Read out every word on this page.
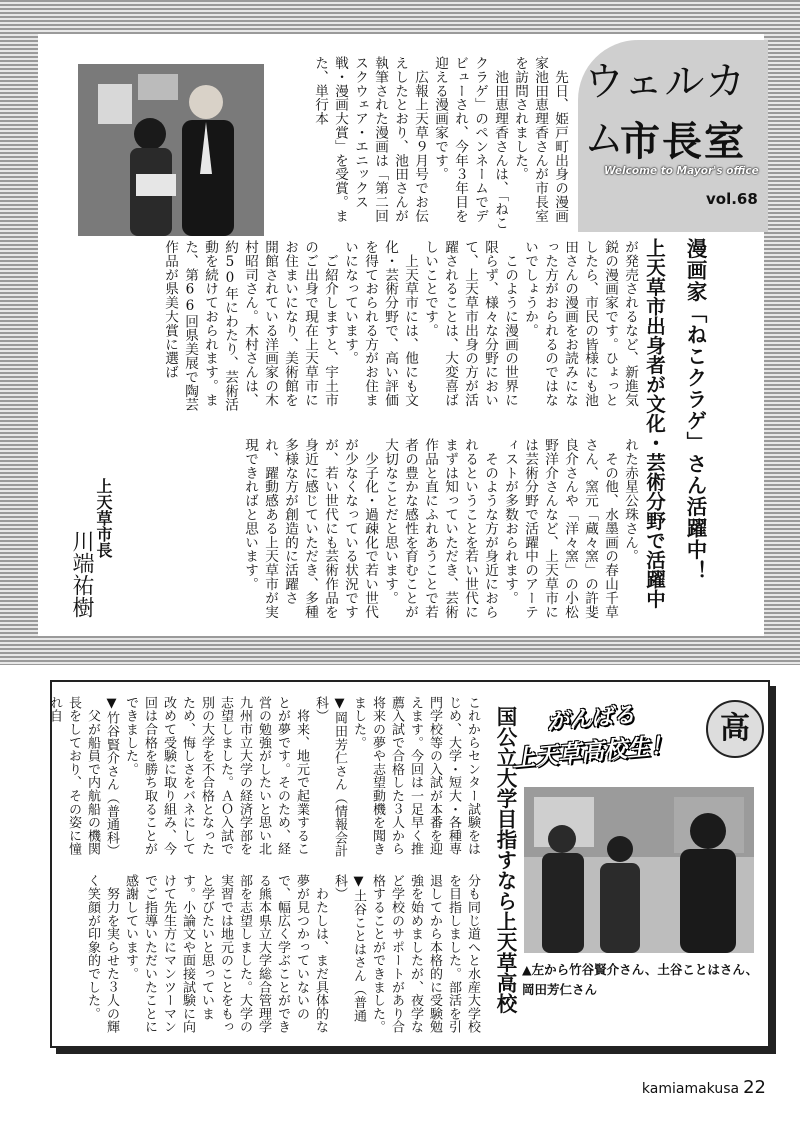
ウェルカム
市長室
Welcome to Mayor's office
vol.68
　先日、姫戸町出身の漫画家池田恵理香さんが市長室を訪問されました。
　池田恵理香さんは、「ねこクラゲ」のペンネームでデビューされ、今年３年目を迎える漫画家です。
　広報上天草９月号でお伝えしたとおり、池田さんが執筆された漫画は「第二回スクウェア・エニックス戦・漫画大賞」を受賞。また、単行本
漫画家「ねこクラゲ」さん活躍中！
上天草市出身者が文化・芸術分野で活躍中
が発売されるなど、新進気鋭の漫画家です。ひょっとしたら、市民の皆様にも池田さんの漫画をお読みになった方がおられるのではないでしょうか。
　このように漫画の世界に限らず、様々な分野において、上天草市出身の方が活躍されることは、大変喜ばしいことです。
　上天草市には、他にも文化・芸術分野で、高い評価を得ておられる方がお住まいになっています。
　ご紹介しますと、宇土市のご出身で現在上天草市にお住まいになり、美術館を開館されている洋画家の木村昭司さん。木村さんは、約50年にわたり、芸術活動を続けておられます。また、第66回県美展で陶芸作品が県美大賞に選ば
れた赤星公珠さん。
　その他、水墨画の春山千草さん、窯元「蔵々窯」の許斐良介さんや「洋々窯」の小松野洋介さんなど、上天草市には芸術分野で活躍中のアーティストが多数おられます。
　そのような方が身近におられるということを若い世代にまずは知っていただき、芸術作品と直にふれあうことで若者の豊かな感性を育むことが大切なことだと思います。
　少子化・過疎化で若い世代が少なくなっている状況ですが、若い世代にも芸術作品を身近に感じていただき、多種多様な方が創造的に活躍され、躍動感ある上天草市が実現できればと思います。
上天草市長
川端祐樹
がんばる
上天草高校生！
高
国公立大学目指すなら上天草高校 ▲左から竹谷賢介さん、土谷ことはさん、岡田芳仁さん
これからセンター試験をはじめ、大学・短大・各種専門学校等の入試が本番を迎えます。今回は一足早く推薦入試で合格した３人から将来の夢や志望動機を聞きました。
▼岡田芳仁さん（情報会計科）
　将来、地元で起業することが夢です。そのため、経営の勉強がしたいと思い北九州市立大学の経済学部を志望しました。ＡＯ入試で別の大学を不合格となったため、悔しさをバネにして改めて受験に取り組み、今回は合格を勝ち取ることができました。
▼竹谷賢介さん（普通科）
　父が船員で内航船の機関長をしており、その姿に憧れ自
分も同じ道へと水産大学校を目指しました。部活を引退してから本格的に受験勉強を始めましたが、夜学など学校のサポートがあり合格することができました。
▼土谷ことはさん（普通科）
　わたしは、まだ具体的な夢が見つかっていないので、幅広く学ぶことができる熊本県立大学総合管理学部を志望しました。大学の実習では地元のことをもっと学びたいと思っています。小論文や面接試験に向けて先生方にマンツーマンでご指導いただいたことに感謝しています。
　努力を実らせた３人の輝く笑顔が印象的でした。
kamiamakusa 22
